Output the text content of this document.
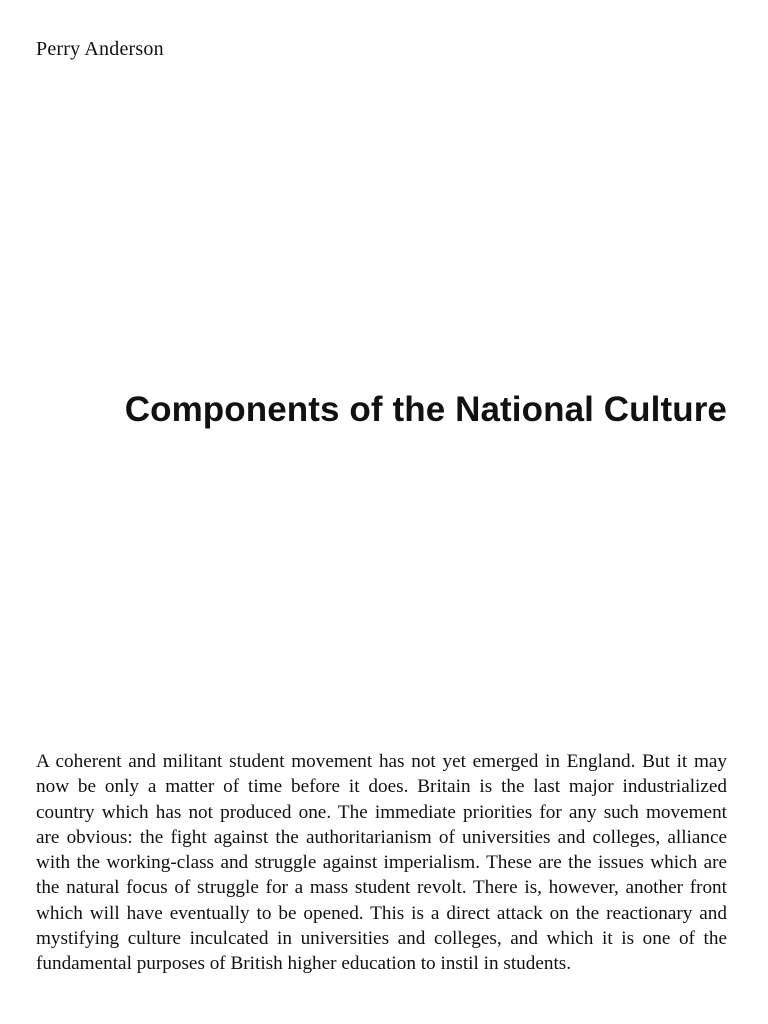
Perry Anderson
Components of the National Culture

A coherent and militant student movement has not yet emerged in England. But it may now be only a matter of time before it does. Britain is the last major industrialized country which has not produced one. The immediate priorities for any such movement are obvious: the fight against the authoritarianism of universities and colleges, alliance with the working-class and struggle against imperialism. These are the issues which are the natural focus of struggle for a mass student revolt. There is, however, another front which will have eventually to be opened. This is a direct attack on the reactionary and mystifying culture inculcated in universities and colleges, and which it is one of the fundamental purposes of British higher education to instil in students.
